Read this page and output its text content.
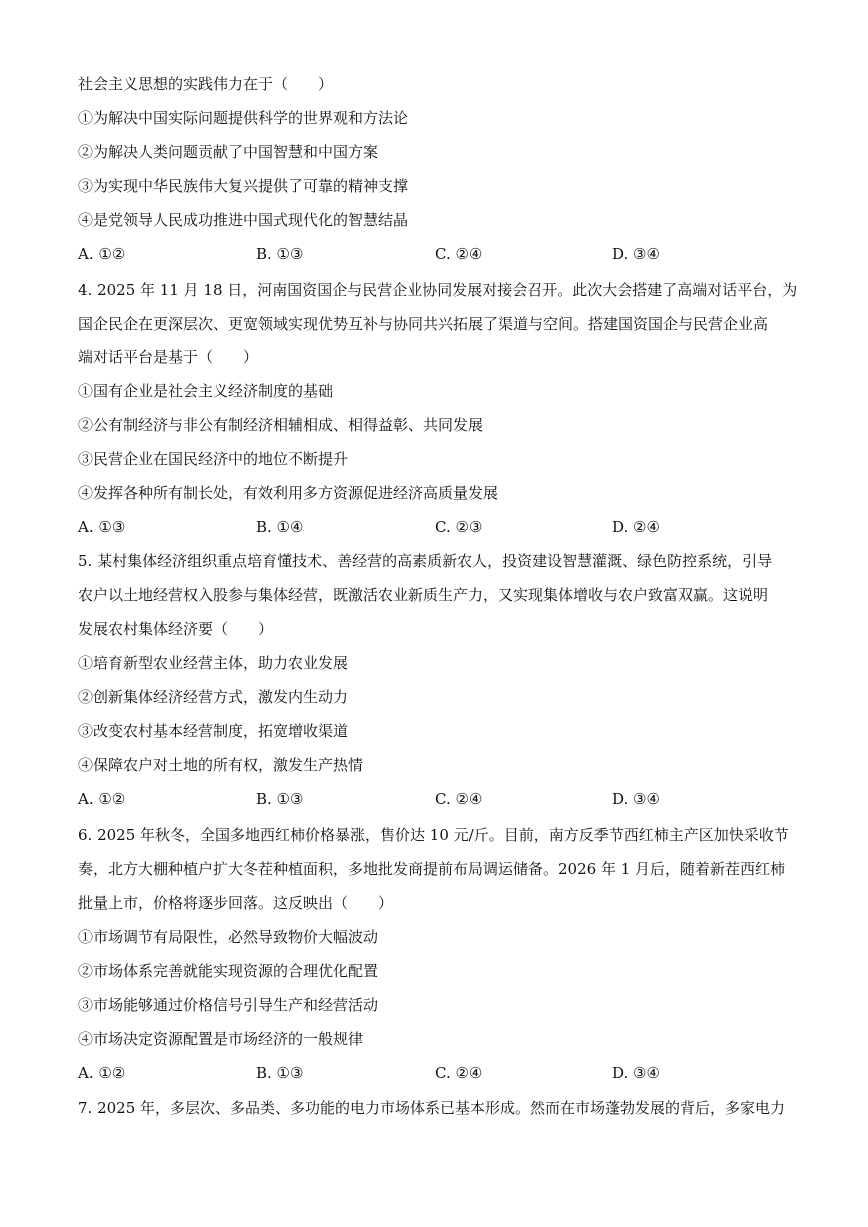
社会主义思想的实践伟力在于（　　）
①为解决中国实际问题提供科学的世界观和方法论
②为解决人类问题贡献了中国智慧和中国方案
③为实现中华民族伟大复兴提供了可靠的精神支撑
④是党领导人民成功推进中国式现代化的智慧结晶
A. ①②	B. ①③	C. ②④	D. ③④
4. 2025 年 11 月 18 日，河南国资国企与民营企业协同发展对接会召开。此次大会搭建了高端对话平台，为
国企民企在更深层次、更宽领域实现优势互补与协同共兴拓展了渠道与空间。搭建国资国企与民营企业高
端对话平台是基于（　　）
①国有企业是社会主义经济制度的基础
②公有制经济与非公有制经济相辅相成、相得益彰、共同发展
③民营企业在国民经济中的地位不断提升
④发挥各种所有制长处，有效利用多方资源促进经济高质量发展
A. ①③	B. ①④	C. ②③	D. ②④
5. 某村集体经济组织重点培育懂技术、善经营的高素质新农人，投资建设智慧灌溉、绿色防控系统，引导
农户以土地经营权入股参与集体经营，既激活农业新质生产力，又实现集体增收与农户致富双赢。这说明
发展农村集体经济要（　　）
①培育新型农业经营主体，助力农业发展
②创新集体经济经营方式，激发内生动力
③改变农村基本经营制度，拓宽增收渠道
④保障农户对土地的所有权，激发生产热情
A. ①②	B. ①③	C. ②④	D. ③④
6. 2025 年秋冬，全国多地西红柿价格暴涨，售价达 10 元/斤。目前，南方反季节西红柿主产区加快采收节
奏，北方大棚种植户扩大冬茬种植面积，多地批发商提前布局调运储备。2026 年 1 月后，随着新茬西红柿
批量上市，价格将逐步回落。这反映出（　　）
①市场调节有局限性，必然导致物价大幅波动
②市场体系完善就能实现资源的合理优化配置
③市场能够通过价格信号引导生产和经营活动
④市场决定资源配置是市场经济的一般规律
A. ①②	B. ①③	C. ②④	D. ③④
7. 2025 年，多层次、多品类、多功能的电力市场体系已基本形成。然而在市场蓬勃发展的背后，多家电力
